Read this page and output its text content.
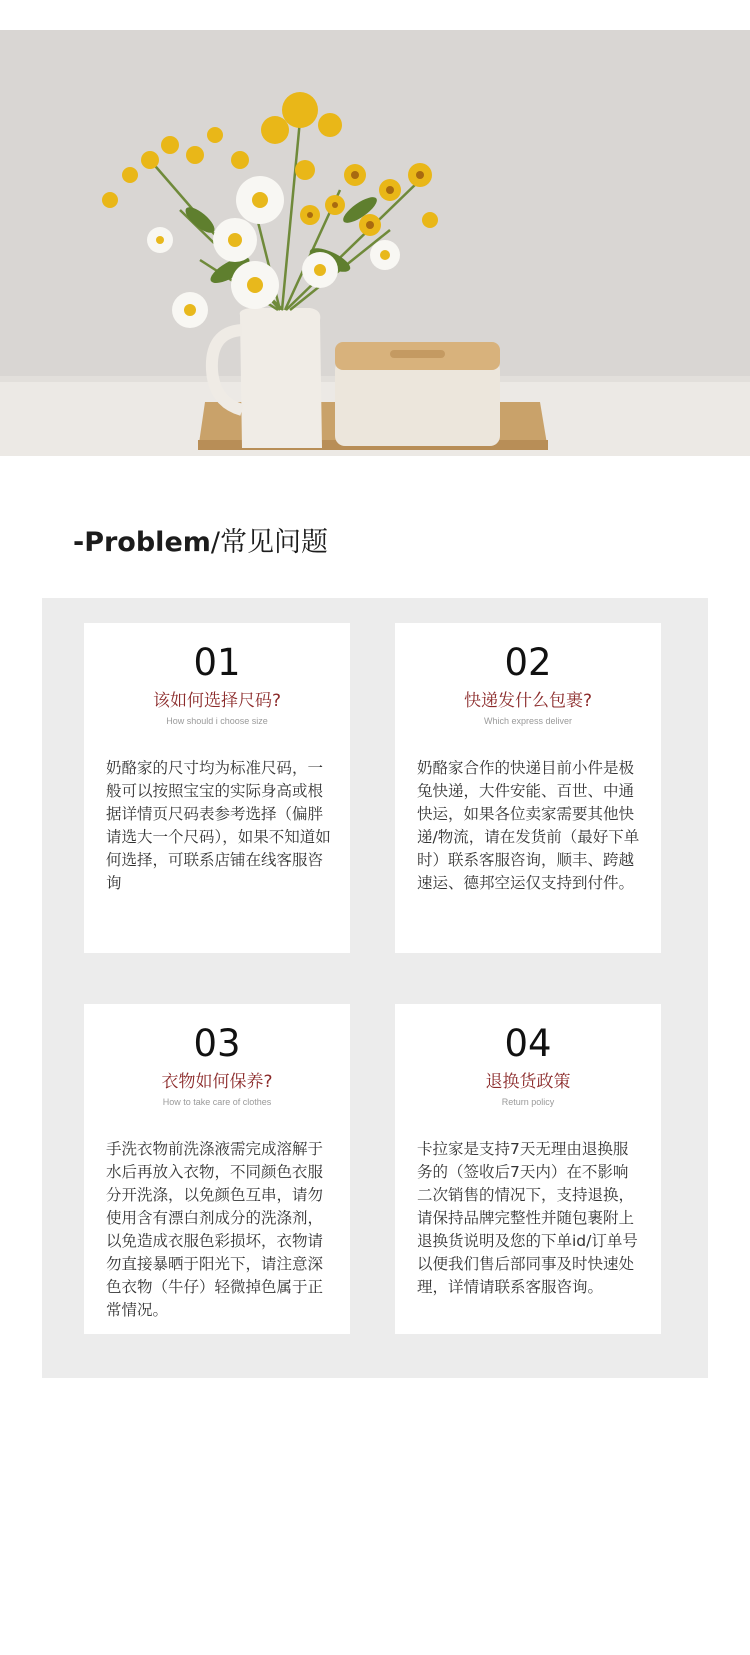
-Problem/常见问题
01
该如何选择尺码?
How should i choose size
奶酪家的尺寸均为标准尺码，一般可以按照宝宝的实际身高或根据详情页尺码表参考选择（偏胖请选大一个尺码），如果不知道如何选择，可联系店铺在线客服咨询
02
快递发什么包裹?
Which express deliver
奶酪家合作的快递目前小件是极兔快递，大件安能、百世、中通快运，如果各位卖家需要其他快递/物流，请在发货前（最好下单时）联系客服咨询，顺丰、跨越速运、德邦空运仅支持到付件。
03
衣物如何保养?
How to take care of clothes
手洗衣物前洗涤液需完成溶解于水后再放入衣物，不同颜色衣服分开洗涤，以免颜色互串，请勿使用含有漂白剂成分的洗涤剂，以免造成衣服色彩损坏，衣物请勿直接暴晒于阳光下，请注意深色衣物（牛仔）轻微掉色属于正常情况。
04
退换货政策
Return policy
卡拉家是支持7天无理由退换服务的（签收后7天内）在不影响二次销售的情况下，支持退换，请保持品牌完整性并随包裹附上退换货说明及您的下单id/订单号以便我们售后部同事及时快速处理，详情请联系客服咨询。
